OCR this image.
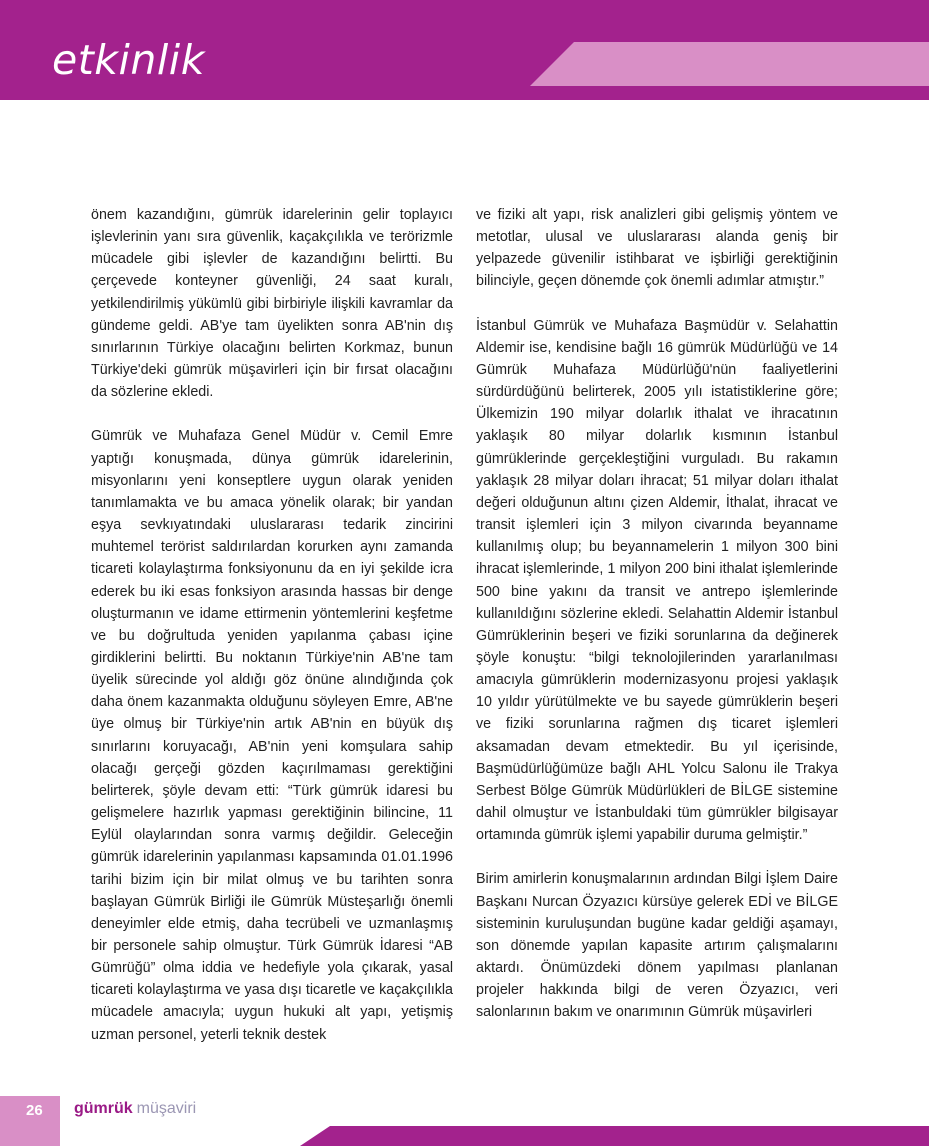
etkinlik

önem kazandığını, gümrük idarelerinin gelir toplayıcı işlevlerinin yanı sıra güvenlik, kaçakçılıkla ve terörizmle mücadele gibi işlevler de kazandığını belirtti. Bu çerçevede konteyner güvenliği, 24 saat kuralı, yetkilendirilmiş yükümlü gibi birbiriyle ilişkili kavramlar da gündeme geldi. AB'ye tam üyelikten sonra AB'nin dış sınırlarının Türkiye olacağını belirten Korkmaz, bunun Türkiye'deki gümrük müşavirleri için bir fırsat olacağını da sözlerine ekledi.

Gümrük ve Muhafaza Genel Müdür v. Cemil Emre yaptığı konuşmada, dünya gümrük idarelerinin, misyonlarını yeni konseptlere uygun olarak yeniden tanımlamakta ve bu amaca yönelik olarak; bir yandan eşya sevkıyatındaki uluslararası tedarik zincirini muhtemel terörist saldırılardan korurken aynı zamanda ticareti kolaylaştırma fonksiyonunu da en iyi şekilde icra ederek bu iki esas fonksiyon arasında hassas bir denge oluşturmanın ve idame ettirmenin yöntemlerini keşfetme ve bu doğrultuda yeniden yapılanma çabası içine girdiklerini belirtti. Bu noktanın Türkiye'nin AB'ne tam üyelik sürecinde yol aldığı göz önüne alındığında çok daha önem kazanmakta olduğunu söyleyen Emre, AB'ne üye olmuş bir Türkiye'nin artık AB'nin en büyük dış sınırlarını koruyacağı, AB'nin yeni komşulara sahip olacağı gerçeği gözden kaçırılmaması gerektiğini belirterek, şöyle devam etti: “Türk gümrük idaresi bu gelişmelere hazırlık yapması gerektiğinin bilincine, 11 Eylül olaylarından sonra varmış değildir. Geleceğin gümrük idarelerinin yapılanması kapsamında 01.01.1996 tarihi bizim için bir milat olmuş ve bu tarihten sonra başlayan Gümrük Birliği ile Gümrük Müsteşarlığı önemli deneyimler elde etmiş, daha tecrübeli ve uzmanlaşmış bir personele sahip olmuştur. Türk Gümrük İdaresi “AB Gümrüğü” olma iddia ve hedefiyle yola çıkarak, yasal ticareti kolaylaştırma ve yasa dışı ticaretle ve kaçakçılıkla mücadele amacıyla; uygun hukuki alt yapı, yetişmiş uzman personel, yeterli teknik destek

ve fiziki alt yapı, risk analizleri gibi gelişmiş yöntem ve metotlar, ulusal ve uluslararası alanda geniş bir yelpazede güvenilir istihbarat ve işbirliği gerektiğinin bilinciyle, geçen dönemde çok önemli adımlar atmıştır.”

İstanbul Gümrük ve Muhafaza Başmüdür v. Selahattin Aldemir ise, kendisine bağlı 16 gümrük Müdürlüğü ve 14 Gümrük Muhafaza Müdürlüğü'nün faaliyetlerini sürdürdüğünü belirterek, 2005 yılı istatistiklerine göre; Ülkemizin 190 milyar dolarlık ithalat ve ihracatının yaklaşık 80 milyar dolarlık kısmının İstanbul gümrüklerinde gerçekleştiğini vurguladı. Bu rakamın yaklaşık 28 milyar doları ihracat; 51 milyar doları ithalat değeri olduğunun altını çizen Aldemir, İthalat, ihracat ve transit işlemleri için 3 milyon civarında beyanname kullanılmış olup; bu beyannamelerin 1 milyon 300 bini ihracat işlemlerinde, 1 milyon 200 bini ithalat işlemlerinde 500 bine yakını da transit ve antrepo işlemlerinde kullanıldığını sözlerine ekledi. Selahattin Aldemir İstanbul Gümrüklerinin beşeri ve fiziki sorunlarına da değinerek şöyle konuştu: “bilgi teknolojilerinden yararlanılması amacıyla gümrüklerin modernizasyonu projesi yaklaşık 10 yıldır yürütülmekte ve bu sayede gümrüklerin beşeri ve fiziki sorunlarına rağmen dış ticaret işlemleri aksamadan devam etmektedir. Bu yıl içerisinde, Başmüdürlüğümüze bağlı AHL Yolcu Salonu ile Trakya Serbest Bölge Gümrük Müdürlükleri de BİLGE sistemine dahil olmuştur ve İstanbuldaki tüm gümrükler bilgisayar ortamında gümrük işlemi yapabilir duruma gelmiştir.”

Birim amirlerin konuşmalarının ardından Bilgi İşlem Daire Başkanı Nurcan Özyazıcı kürsüye gelerek EDİ ve BİLGE sisteminin kuruluşundan bugüne kadar geldiği aşamayı, son dönemde yapılan kapasite artırım çalışmalarını aktardı. Önümüzdeki dönem yapılması planlanan projeler hakkında bilgi de veren Özyazıcı, veri salonlarının bakım ve onarımının Gümrük müşavirleri

26 gümrük müşaviri
